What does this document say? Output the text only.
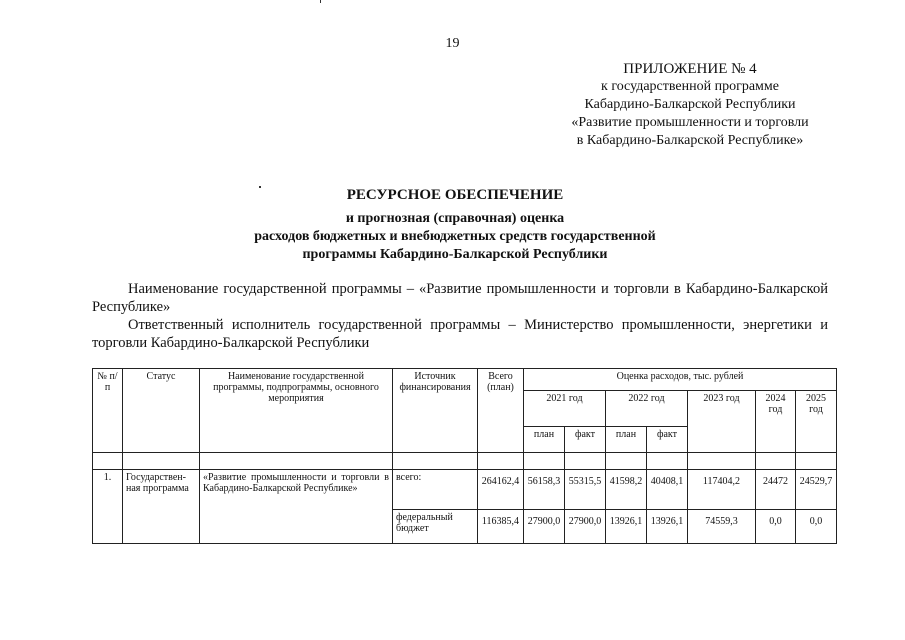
19
ПРИЛОЖЕНИЕ № 4
к государственной программе
Кабардино-Балкарской Республики
«Развитие промышленности и торговли
в Кабардино-Балкарской Республике»
РЕСУРСНОЕ ОБЕСПЕЧЕНИЕ
и прогнозная (справочная) оценка
расходов бюджетных и внебюджетных средств государственной
программы Кабардино-Балкарской Республики

Наименование государственной программы – «Развитие промышленности и торговли в Кабардино-Балкарской Республике»

Ответственный исполнитель государственной программы – Министерство промышленности, энергетики и торговли Кабардино-Балкарской Республики

№ п/п	Статус	Наименование государственной программы, подпрограммы, основного мероприятия	Источник финансирования	Всего (план)	Оценка расходов, тыс. рублей						
					2021 год		2022 год		2023 год	2024 год	2025 год
					план	факт	план	факт			

1.	Государствен-ная программа	«Развитие промышленности и торговли в Кабардино-Балкарской Республике»	всего:	264162,4	56158,3	55315,5	41598,2	40408,1	117404,2	24472	24529,7
			федеральный бюджет	116385,4	27900,0	27900,0	13926,1	13926,1	74559,3	0,0	0,0
